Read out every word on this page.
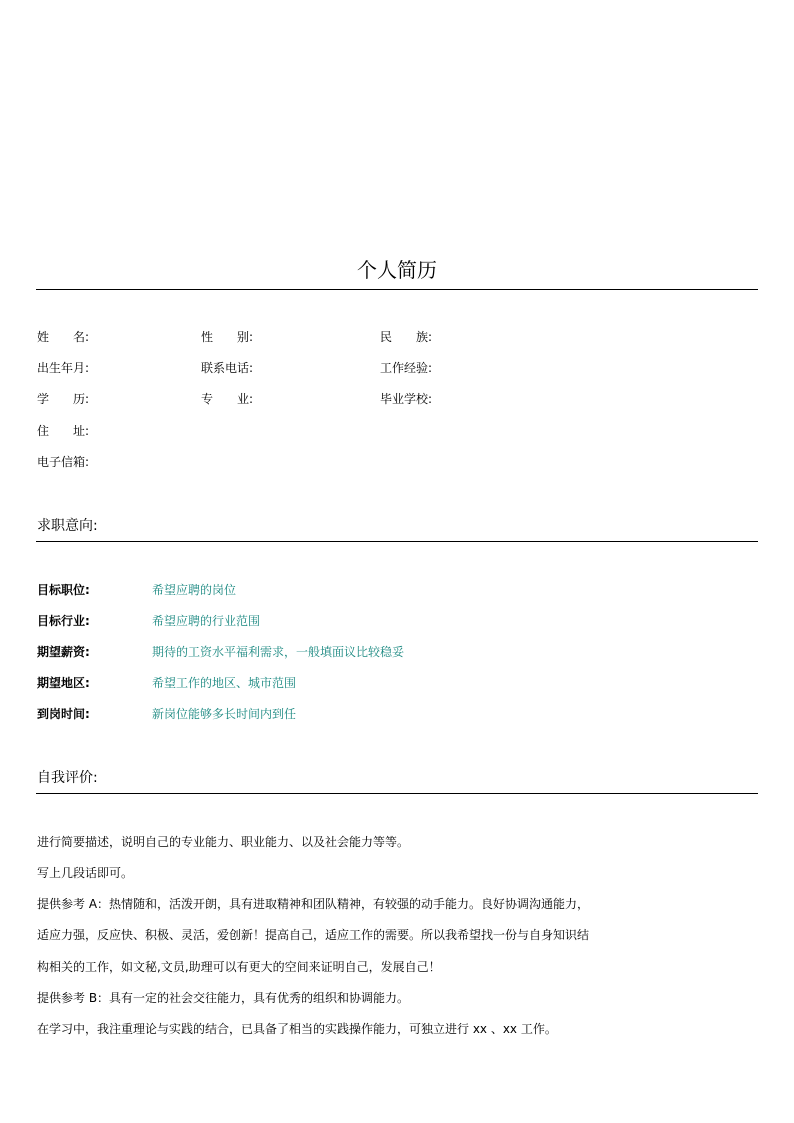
个人简历
姓　　名:	性　　别:	民　　族:
出生年月:	联系电话:	工作经验:
学　　历:	专　　业:	毕业学校:
住　　址:
电子信箱:
求职意向:
目标职位:	希望应聘的岗位
目标行业:	希望应聘的行业范围
期望薪资:	期待的工资水平福利需求，一般填面议比较稳妥
期望地区:	希望工作的地区、城市范围
到岗时间:	新岗位能够多长时间内到任
自我评价:
进行简要描述，说明自己的专业能力、职业能力、以及社会能力等等。
写上几段话即可。
提供参考 A：热情随和，活泼开朗，具有进取精神和团队精神，有较强的动手能力。良好协调沟通能力，
适应力强，反应快、积极、灵活，爱创新！提高自己，适应工作的需要。所以我希望找一份与自身知识结
构相关的工作，如文秘,文员,助理可以有更大的空间来证明自己，发展自己！
提供参考 B：具有一定的社会交往能力，具有优秀的组织和协调能力。
在学习中，我注重理论与实践的结合，已具备了相当的实践操作能力，可独立进行 xx 、xx 工作。
